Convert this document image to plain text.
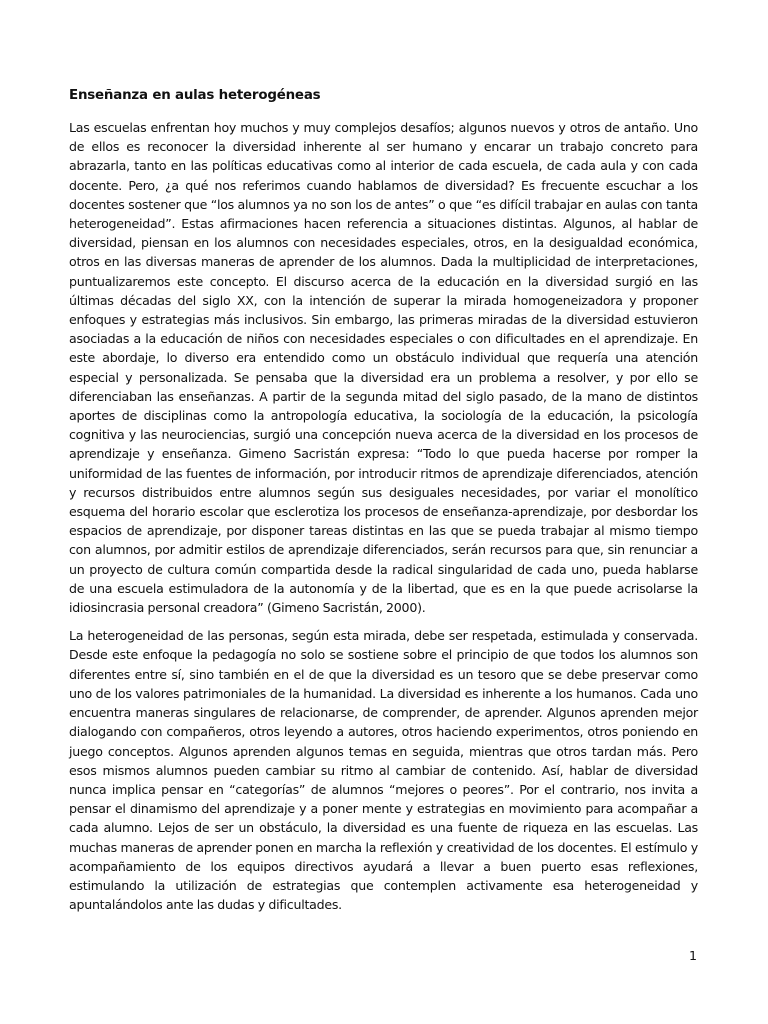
Enseñanza en aulas heterogéneas

Las escuelas enfrentan hoy muchos y muy complejos desafíos; algunos nuevos y otros de antaño. Uno de ellos es reconocer la diversidad inherente al ser humano y encarar un trabajo concreto para abrazarla, tanto en las políticas educativas como al interior de cada escuela, de cada aula y con cada docente. Pero, ¿a qué nos referimos cuando hablamos de diversidad? Es frecuente escuchar a los docentes sostener que “los alumnos ya no son los de antes” o que “es difícil trabajar en aulas con tanta heterogeneidad”. Estas afirmaciones hacen referencia a situaciones distintas. Algunos, al hablar de diversidad, piensan en los alumnos con necesidades especiales, otros, en la desigualdad económica, otros en las diversas maneras de aprender de los alumnos. Dada la multiplicidad de interpretaciones, puntualizaremos este concepto. El discurso acerca de la educación en la diversidad surgió en las últimas décadas del siglo XX, con la intención de superar la mirada homogeneizadora y proponer enfoques y estrategias más inclusivos. Sin embargo, las primeras miradas de la diversidad estuvieron asociadas a la educación de niños con necesidades especiales o con dificultades en el aprendizaje. En este abordaje, lo diverso era entendido como un obstáculo individual que requería una atención especial y personalizada. Se pensaba que la diversidad era un problema a resolver, y por ello se diferenciaban las enseñanzas. A partir de la segunda mitad del siglo pasado, de la mano de distintos aportes de disciplinas como la antropología educativa, la sociología de la educación, la psicología cognitiva y las neurociencias, surgió una concepción nueva acerca de la diversidad en los procesos de aprendizaje y enseñanza. Gimeno Sacristán expresa: “Todo lo que pueda hacerse por romper la uniformidad de las fuentes de información, por introducir ritmos de aprendizaje diferenciados, atención y recursos distribuidos entre alumnos según sus desiguales necesidades, por variar el monolítico esquema del horario escolar que esclerotiza los procesos de enseñanza-aprendizaje, por desbordar los espacios de aprendizaje, por disponer tareas distintas en las que se pueda trabajar al mismo tiempo con alumnos, por admitir estilos de aprendizaje diferenciados, serán recursos para que, sin renunciar a un proyecto de cultura común compartida desde la radical singularidad de cada uno, pueda hablarse de una escuela estimuladora de la autonomía y de la libertad, que es en la que puede acrisolarse la idiosincrasia personal creadora” (Gimeno Sacristán, 2000).

La heterogeneidad de las personas, según esta mirada, debe ser respetada, estimulada y conservada. Desde este enfoque la pedagogía no solo se sostiene sobre el principio de que todos los alumnos son diferentes entre sí, sino también en el de que la diversidad es un tesoro que se debe preservar como uno de los valores patrimoniales de la humanidad. La diversidad es inherente a los humanos. Cada uno encuentra maneras singulares de relacionarse, de comprender, de aprender. Algunos aprenden mejor dialogando con compañeros, otros leyendo a autores, otros haciendo experimentos, otros poniendo en juego conceptos. Algunos aprenden algunos temas en seguida, mientras que otros tardan más. Pero esos mismos alumnos pueden cambiar su ritmo al cambiar de contenido. Así, hablar de diversidad nunca implica pensar en “categorías” de alumnos “mejores o peores”. Por el contrario, nos invita a pensar el dinamismo del aprendizaje y a poner mente y estrategias en movimiento para acompañar a cada alumno. Lejos de ser un obstáculo, la diversidad es una fuente de riqueza en las escuelas. Las muchas maneras de aprender ponen en marcha la reflexión y creatividad de los docentes. El estímulo y acompañamiento de los equipos directivos ayudará a llevar a buen puerto esas reflexiones, estimulando la utilización de estrategias que contemplen activamente esa heterogeneidad y apuntalándolos ante las dudas y dificultades.

1
